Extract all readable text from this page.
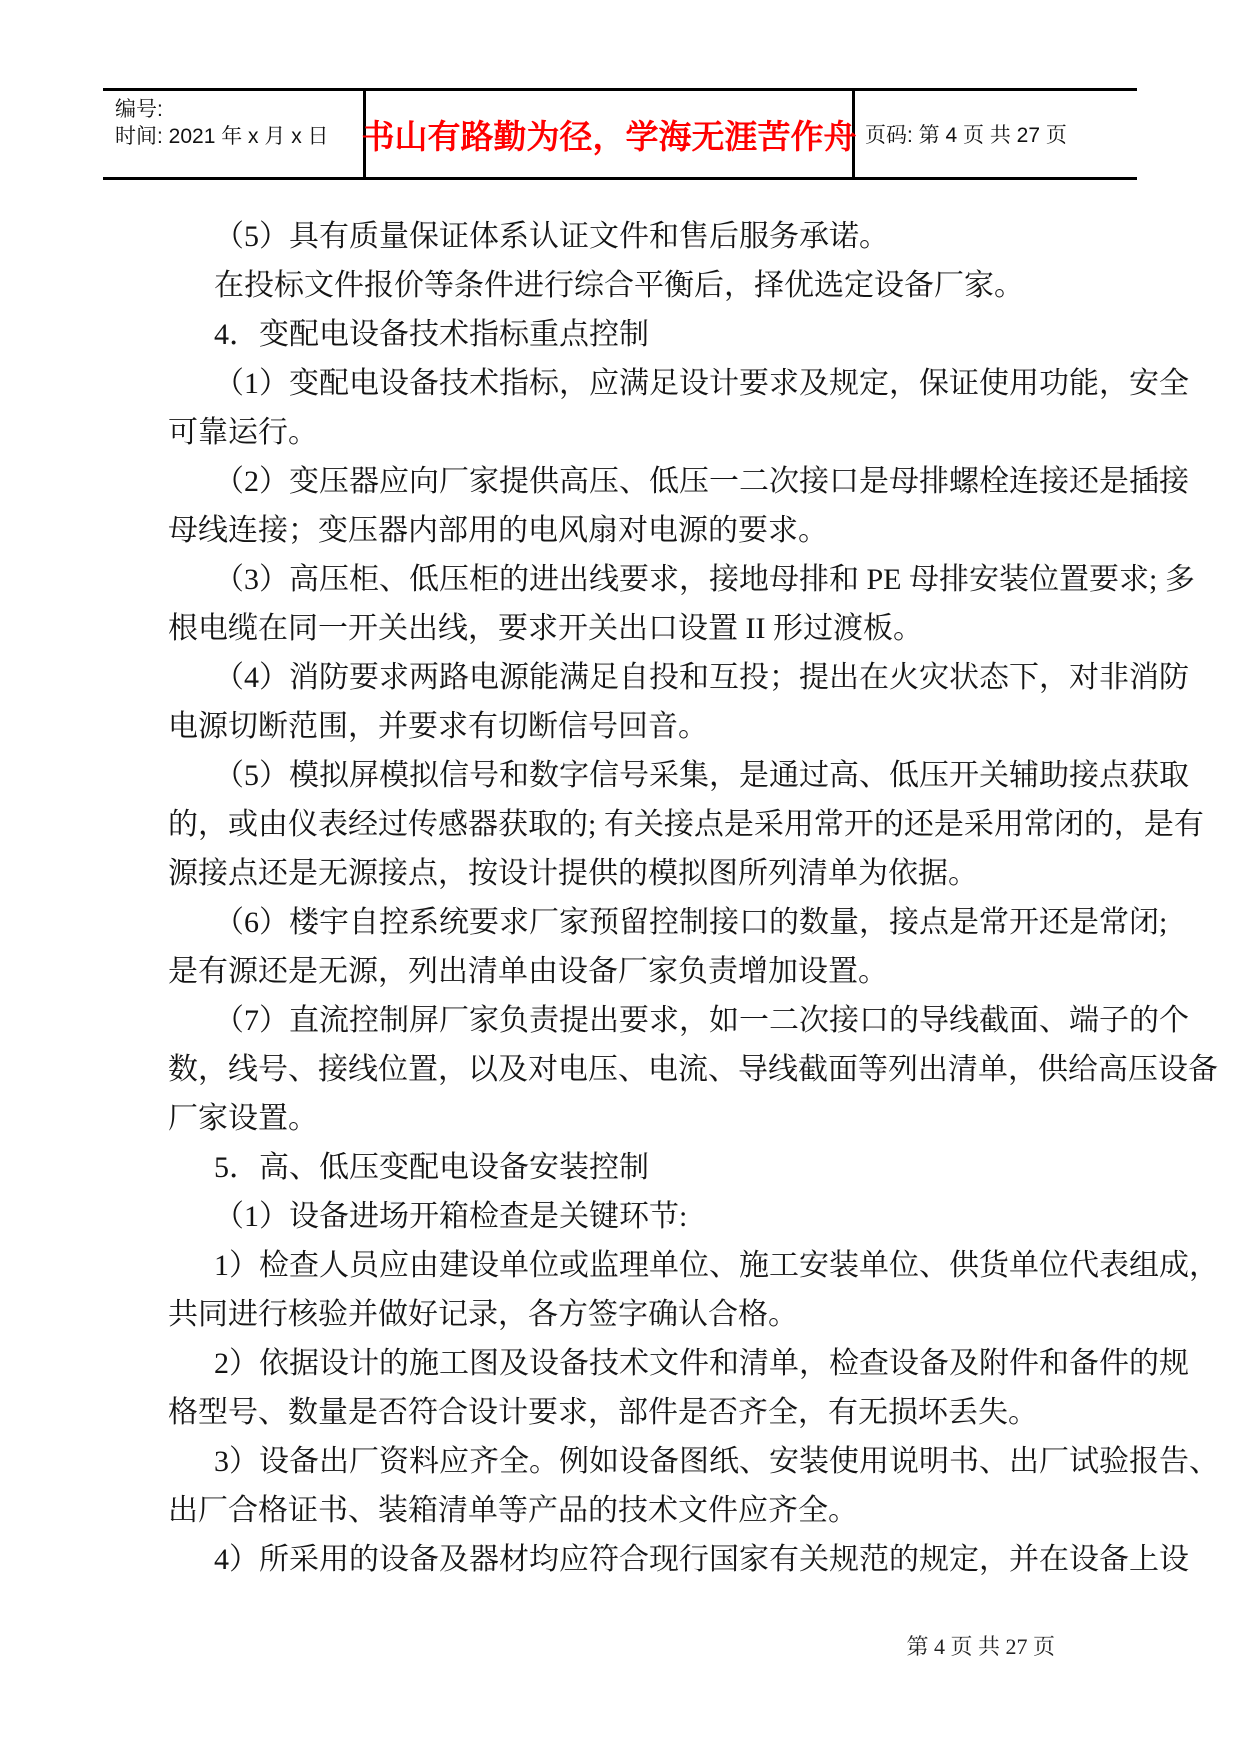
编号:
时间: 2021 年 x 月 x 日 书山有路勤为径，学海无涯苦作舟 页码: 第 4 页 共 27 页
（5）具有质量保证体系认证文件和售后服务承诺。
在投标文件报价等条件进行综合平衡后，择优选定设备厂家。
4．变配电设备技术指标重点控制
（1）变配电设备技术指标，应满足设计要求及规定，保证使用功能，安全
可靠运行。
（2）变压器应向厂家提供高压、低压一二次接口是母排螺栓连接还是插接
母线连接；变压器内部用的电风扇对电源的要求。
（3）高压柜、低压柜的进出线要求，接地母排和 PE 母排安装位置要求; 多
根电缆在同一开关出线，要求开关出口设置 II 形过渡板。
（4）消防要求两路电源能满足自投和互投；提出在火灾状态下，对非消防
电源切断范围，并要求有切断信号回音。
（5）模拟屏模拟信号和数字信号采集，是通过高、低压开关辅助接点获取
的，或由仪表经过传感器获取的; 有关接点是采用常开的还是采用常闭的，是有
源接点还是无源接点，按设计提供的模拟图所列清单为依据。
（6）楼宇自控系统要求厂家预留控制接口的数量，接点是常开还是常闭;
是有源还是无源，列出清单由设备厂家负责增加设置。
（7）直流控制屏厂家负责提出要求，如一二次接口的导线截面、端子的个
数，线号、接线位置，以及对电压、电流、导线截面等列出清单，供给高压设备
厂家设置。
5．高、低压变配电设备安装控制
（1）设备进场开箱检查是关键环节:
1）检查人员应由建设单位或监理单位、施工安装单位、供货单位代表组成，
共同进行核验并做好记录，各方签字确认合格。
2）依据设计的施工图及设备技术文件和清单，检查设备及附件和备件的规
格型号、数量是否符合设计要求，部件是否齐全，有无损坏丢失。
3）设备出厂资料应齐全。例如设备图纸、安装使用说明书、出厂试验报告、
出厂合格证书、装箱清单等产品的技术文件应齐全。
4）所采用的设备及器材均应符合现行国家有关规范的规定，并在设备上设
第 4 页 共 27 页
